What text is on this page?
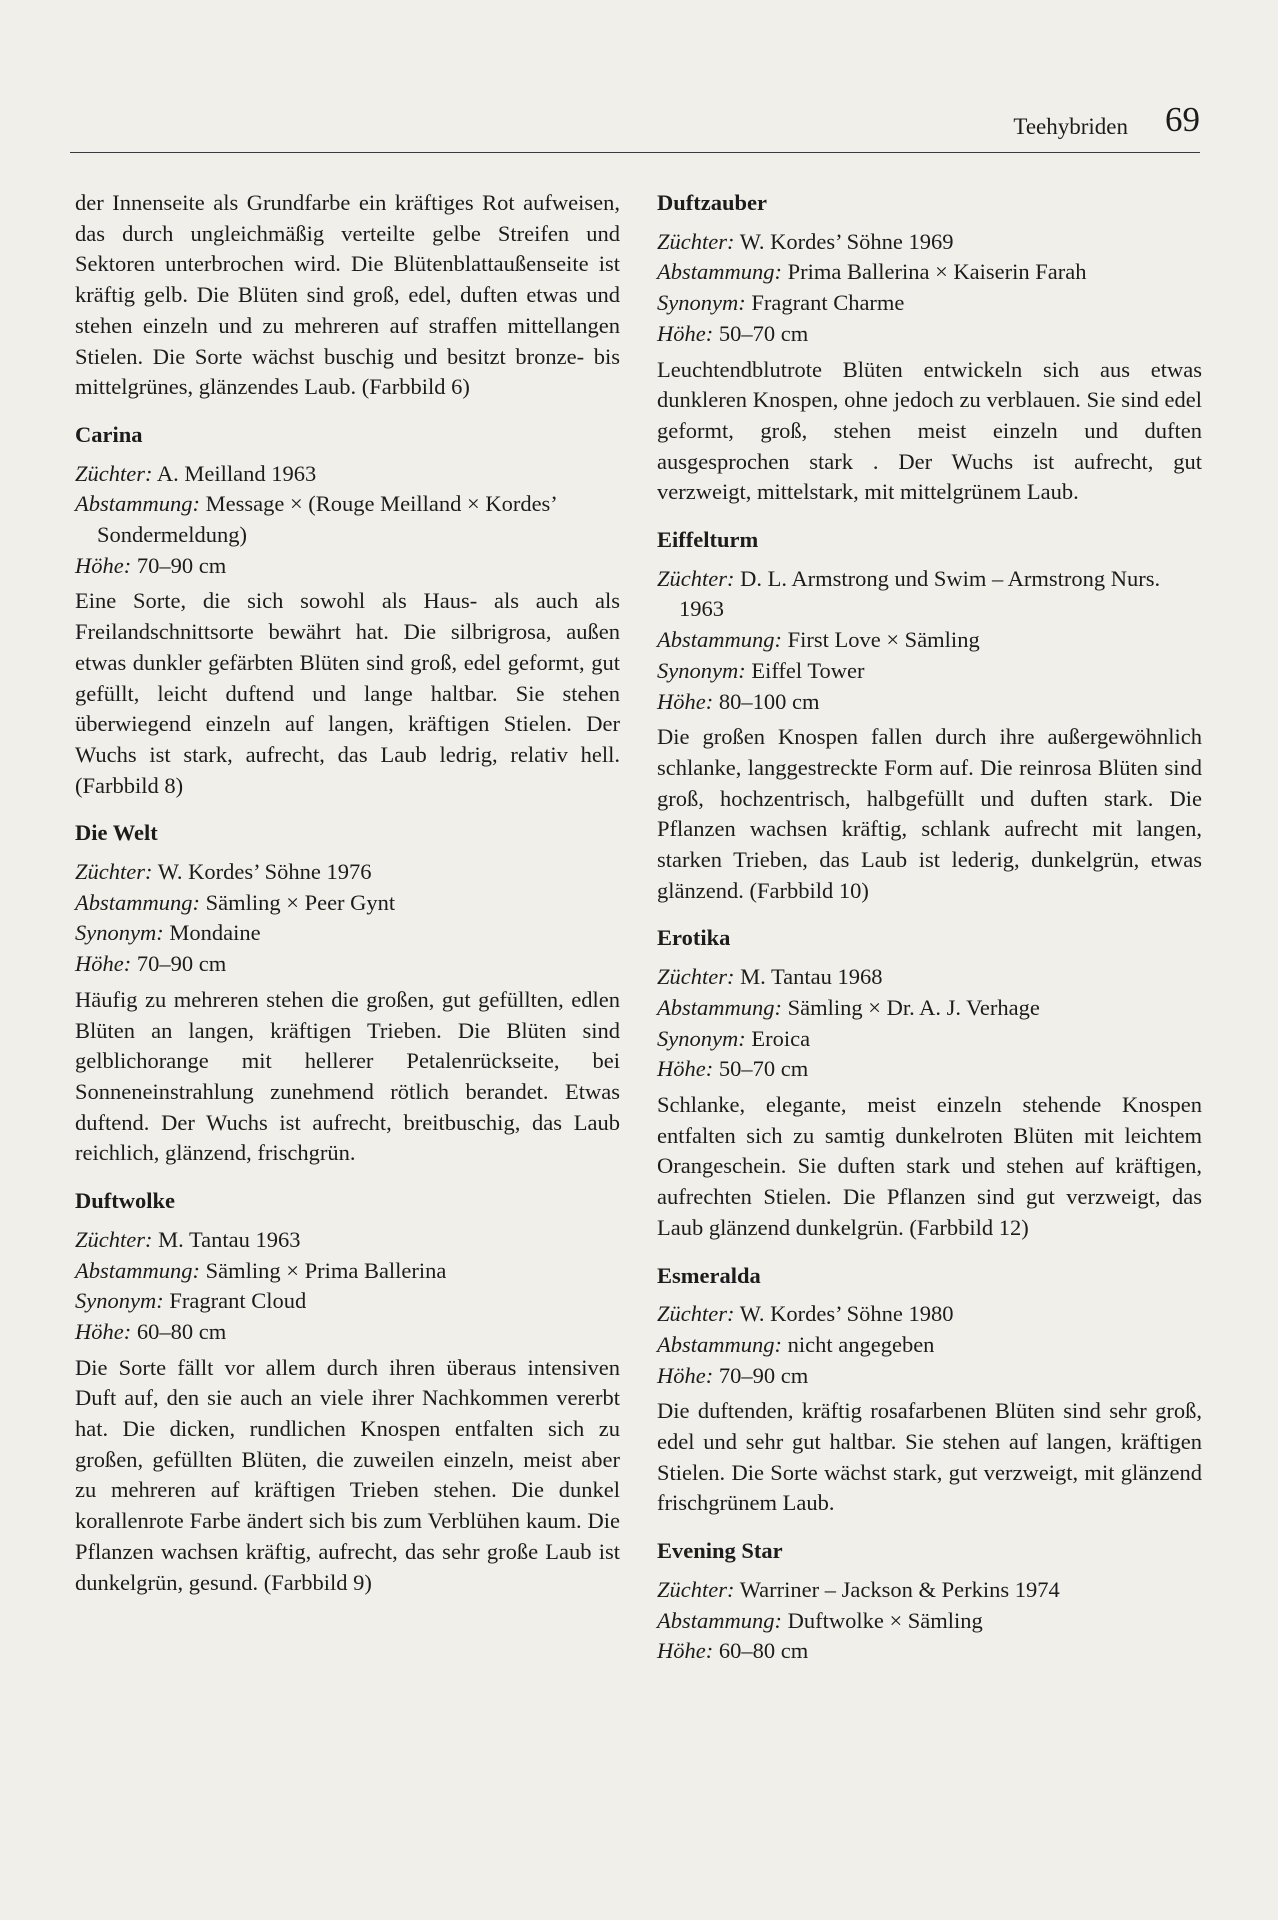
Teehybriden 69

der Innenseite als Grundfarbe ein kräftiges Rot aufweisen, das durch ungleichmäßig verteilte gelbe Streifen und Sektoren unterbrochen wird. Die Blütenblattaußenseite ist kräftig gelb. Die Blüten sind groß, edel, duften etwas und stehen einzeln und zu mehreren auf straffen mittellangen Stielen. Die Sorte wächst buschig und besitzt bronze- bis mittelgrünes, glänzendes Laub. (Farbbild 6)

Carina
Züchter: A. Meilland 1963
Abstammung: Message × (Rouge Meilland × Kordes’ Sondermeldung)
Höhe: 70–90 cm

Eine Sorte, die sich sowohl als Haus- als auch als Freilandschnittsorte bewährt hat. Die silbrigrosa, außen etwas dunkler gefärbten Blüten sind groß, edel geformt, gut gefüllt, leicht duftend und lange haltbar. Sie stehen überwiegend einzeln auf langen, kräftigen Stielen. Der Wuchs ist stark, aufrecht, das Laub ledrig, relativ hell. (Farbbild 8)

Die Welt
Züchter: W. Kordes’ Söhne 1976
Abstammung: Sämling × Peer Gynt
Synonym: Mondaine
Höhe: 70–90 cm

Häufig zu mehreren stehen die großen, gut gefüllten, edlen Blüten an langen, kräftigen Trieben. Die Blüten sind gelblichorange mit hellerer Petalenrückseite, bei Sonneneinstrahlung zunehmend rötlich berandet. Etwas duftend. Der Wuchs ist aufrecht, breitbuschig, das Laub reichlich, glänzend, frischgrün.

Duftwolke
Züchter: M. Tantau 1963
Abstammung: Sämling × Prima Ballerina
Synonym: Fragrant Cloud
Höhe: 60–80 cm

Die Sorte fällt vor allem durch ihren überaus intensiven Duft auf, den sie auch an viele ihrer Nachkommen vererbt hat. Die dicken, rundlichen Knospen entfalten sich zu großen, gefüllten Blüten, die zuweilen einzeln, meist aber zu mehreren auf kräftigen Trieben stehen. Die dunkel korallenrote Farbe ändert sich bis zum Verblühen kaum. Die Pflanzen wachsen kräftig, aufrecht, das sehr große Laub ist dunkelgrün, gesund. (Farbbild 9)

Duftzauber
Züchter: W. Kordes’ Söhne 1969
Abstammung: Prima Ballerina × Kaiserin Farah
Synonym: Fragrant Charme
Höhe: 50–70 cm

Leuchtendblutrote Blüten entwickeln sich aus etwas dunkleren Knospen, ohne jedoch zu verblauen. Sie sind edel geformt, groß, stehen meist einzeln und duften ausgesprochen stark . Der Wuchs ist aufrecht, gut verzweigt, mittelstark, mit mittelgrünem Laub.

Eiffelturm
Züchter: D. L. Armstrong und Swim – Armstrong Nurs. 1963
Abstammung: First Love × Sämling
Synonym: Eiffel Tower
Höhe: 80–100 cm

Die großen Knospen fallen durch ihre außergewöhnlich schlanke, langgestreckte Form auf. Die reinrosa Blüten sind groß, hochzentrisch, halbgefüllt und duften stark. Die Pflanzen wachsen kräftig, schlank aufrecht mit langen, starken Trieben, das Laub ist lederig, dunkelgrün, etwas glänzend. (Farbbild 10)

Erotika
Züchter: M. Tantau 1968
Abstammung: Sämling × Dr. A. J. Verhage
Synonym: Eroica
Höhe: 50–70 cm

Schlanke, elegante, meist einzeln stehende Knospen entfalten sich zu samtig dunkelroten Blüten mit leichtem Orangeschein. Sie duften stark und stehen auf kräftigen, aufrechten Stielen. Die Pflanzen sind gut verzweigt, das Laub glänzend dunkelgrün. (Farbbild 12)

Esmeralda
Züchter: W. Kordes’ Söhne 1980
Abstammung: nicht angegeben
Höhe: 70–90 cm

Die duftenden, kräftig rosafarbenen Blüten sind sehr groß, edel und sehr gut haltbar. Sie stehen auf langen, kräftigen Stielen. Die Sorte wächst stark, gut verzweigt, mit glänzend frischgrünem Laub.

Evening Star
Züchter: Warriner – Jackson & Perkins 1974
Abstammung: Duftwolke × Sämling
Höhe: 60–80 cm
